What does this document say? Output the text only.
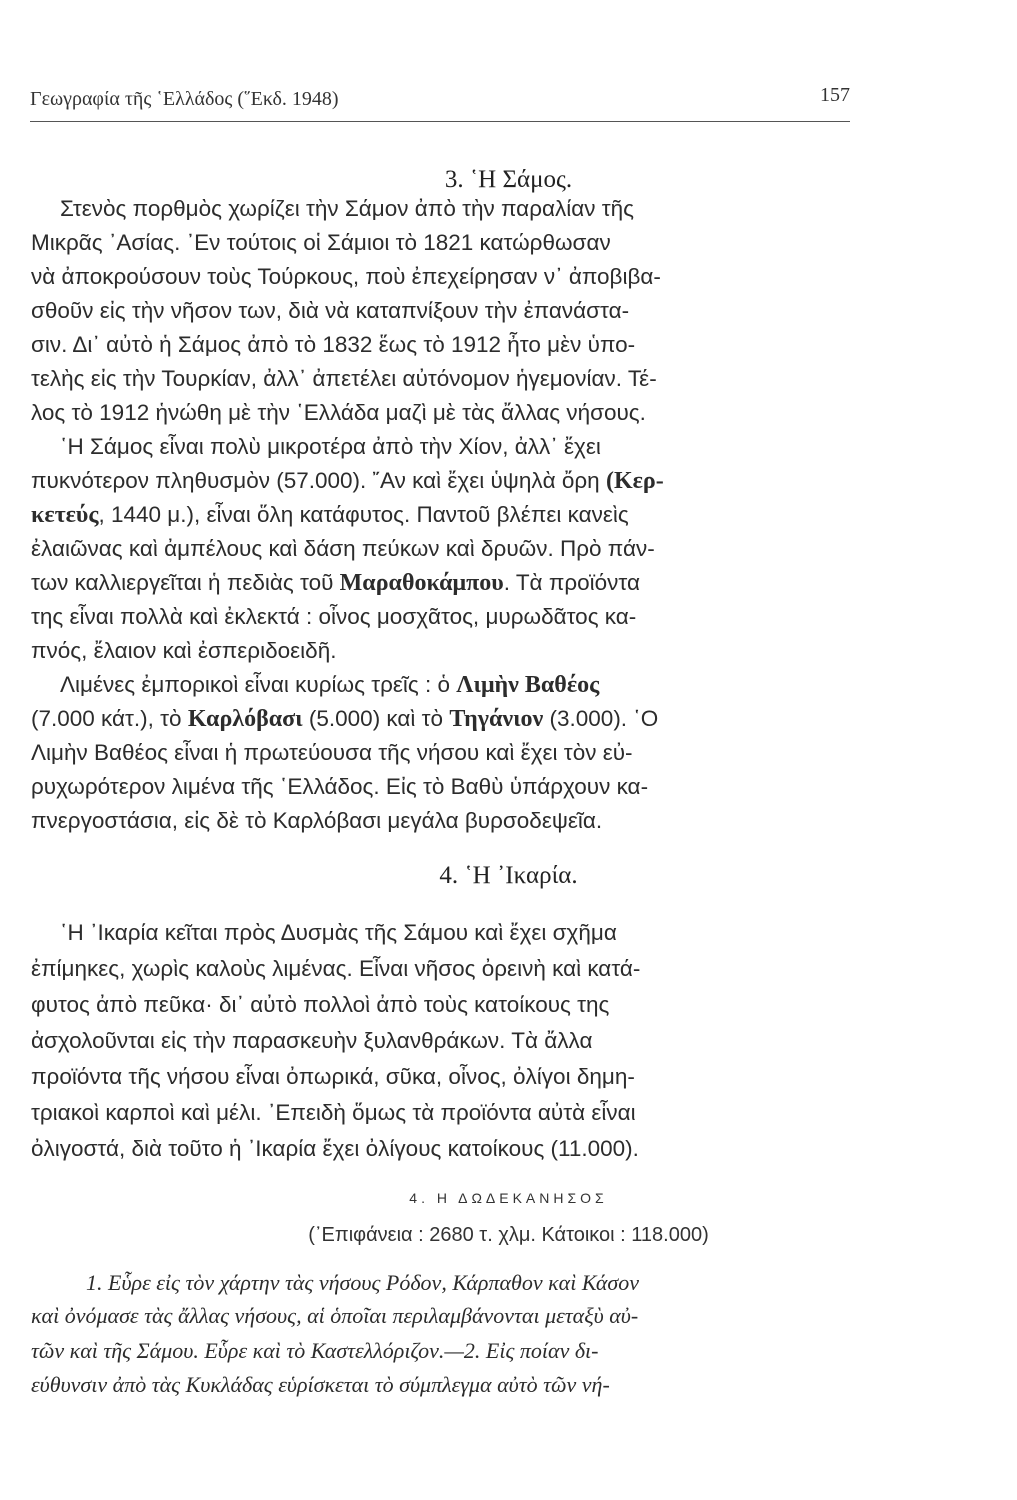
Γεωγραφία τῆς ῾Ελλάδος (῞Εκδ. 1948)	157
3. ῾Η Σάμος.
Στενὸς πορθμὸς χωρίζει τὴν Σάμον ἀπὸ τὴν παραλίαν τῆς
Μικρᾶς ᾿Ασίας. ᾿Εν τούτοις οἱ Σάμιοι τὸ 1821 κατώρθωσαν
νὰ ἀποκρούσουν τοὺς Τούρκους, ποὺ ἐπεχείρησαν ν᾿ ἀποβιβα-
σθοῦν εἰς τὴν νῆσον των, διὰ νὰ καταπνίξουν τὴν ἐπανάστα-
σιν. Δι᾿ αὐτὸ ἡ Σάμος ἀπὸ τὸ 1832 ἕως τὸ 1912 ἦτο μὲν ὑπο-
τελὴς εἰς τὴν Τουρκίαν, ἀλλ᾿ ἀπετέλει αὐτόνομον ἡγεμονίαν. Τέ-
λος τὸ 1912 ἡνώθη μὲ τὴν ῾Ελλάδα μαζὶ μὲ τὰς ἄλλας νήσους.
῾Η Σάμος εἶναι πολὺ μικροτέρα ἀπὸ τὴν Χίον, ἀλλ᾿ ἔχει
πυκνότερον πληθυσμὸν (57.000). ῎Αν καὶ ἔχει ὑψηλὰ ὄρη (Κερ-
κετεύς, 1440 μ.), εἶναι ὅλη κατάφυτος. Παντοῦ βλέπει κανεὶς
ἐλαιῶνας καὶ ἀμπέλους καὶ δάση πεύκων καὶ δρυῶν. Πρὸ πάν-
των καλλιεργεῖται ἡ πεδιὰς τοῦ Μαραθοκάμπου. Τὰ προϊόντα
της εἶναι πολλὰ καὶ ἐκλεκτά : οἶνος μοσχᾶτος, μυρωδᾶτος κα-
πνός, ἔλαιον καὶ ἐσπεριδοειδῆ.
Λιμένες ἐμπορικοὶ εἶναι κυρίως τρεῖς : ὁ Λιμὴν Βαθέος
(7.000 κάτ.), τὸ Καρλόβασι (5.000) καὶ τὸ Τηγάνιον (3.000). ῾Ο
Λιμὴν Βαθέος εἶναι ἡ πρωτεύουσα τῆς νήσου καὶ ἔχει τὸν εὐ-
ρυχωρότερον λιμένα τῆς ῾Ελλάδος. Εἰς τὸ Βαθὺ ὑπάρχουν κα-
πνεργοστάσια, εἰς δὲ τὸ Καρλόβασι μεγάλα βυρσοδεψεῖα.
4. ῾Η ᾿Ικαρία.
῾Η ᾿Ικαρία κεῖται πρὸς Δυσμὰς τῆς Σάμου καὶ ἔχει σχῆμα
ἐπίμηκες, χωρὶς καλοὺς λιμένας. Εἶναι νῆσος ὀρεινὴ καὶ κατά-
φυτος ἀπὸ πεῦκα· δι᾿ αὐτὸ πολλοὶ ἀπὸ τοὺς κατοίκους της
ἀσχολοῦνται εἰς τὴν παρασκευὴν ξυλανθράκων. Τὰ ἄλλα
προϊόντα τῆς νήσου εἶναι ὀπωρικά, σῦκα, οἶνος, ὀλίγοι δημη-
τριακοὶ καρποὶ καὶ μέλι. ᾿Επειδὴ ὅμως τὰ προϊόντα αὐτὰ εἶναι
ὀλιγοστά, διὰ τοῦτο ἡ ᾿Ικαρία ἔχει ὀλίγους κατοίκους (11.000).
4. Η ΔΩΔΕΚΑΝΗΣΟΣ
(᾿Επιφάνεια : 2680 τ. χλμ. Κάτοικοι : 118.000)
1. Εὗρε εἰς τὸν χάρτην τὰς νήσους Ρόδον, Κάρπαθον καὶ Κάσον
καὶ ὀνόμασε τὰς ἄλλας νήσους, αἱ ὁποῖαι περιλαμβάνονται μεταξὺ αὐ-
τῶν καὶ τῆς Σάμου. Εὗρε καὶ τὸ Καστελλόριζον.—2. Εἰς ποίαν δι-
εύθυνσιν ἀπὸ τὰς Κυκλάδας εὑρίσκεται τὸ σύμπλεγμα αὐτὸ τῶν νή-
